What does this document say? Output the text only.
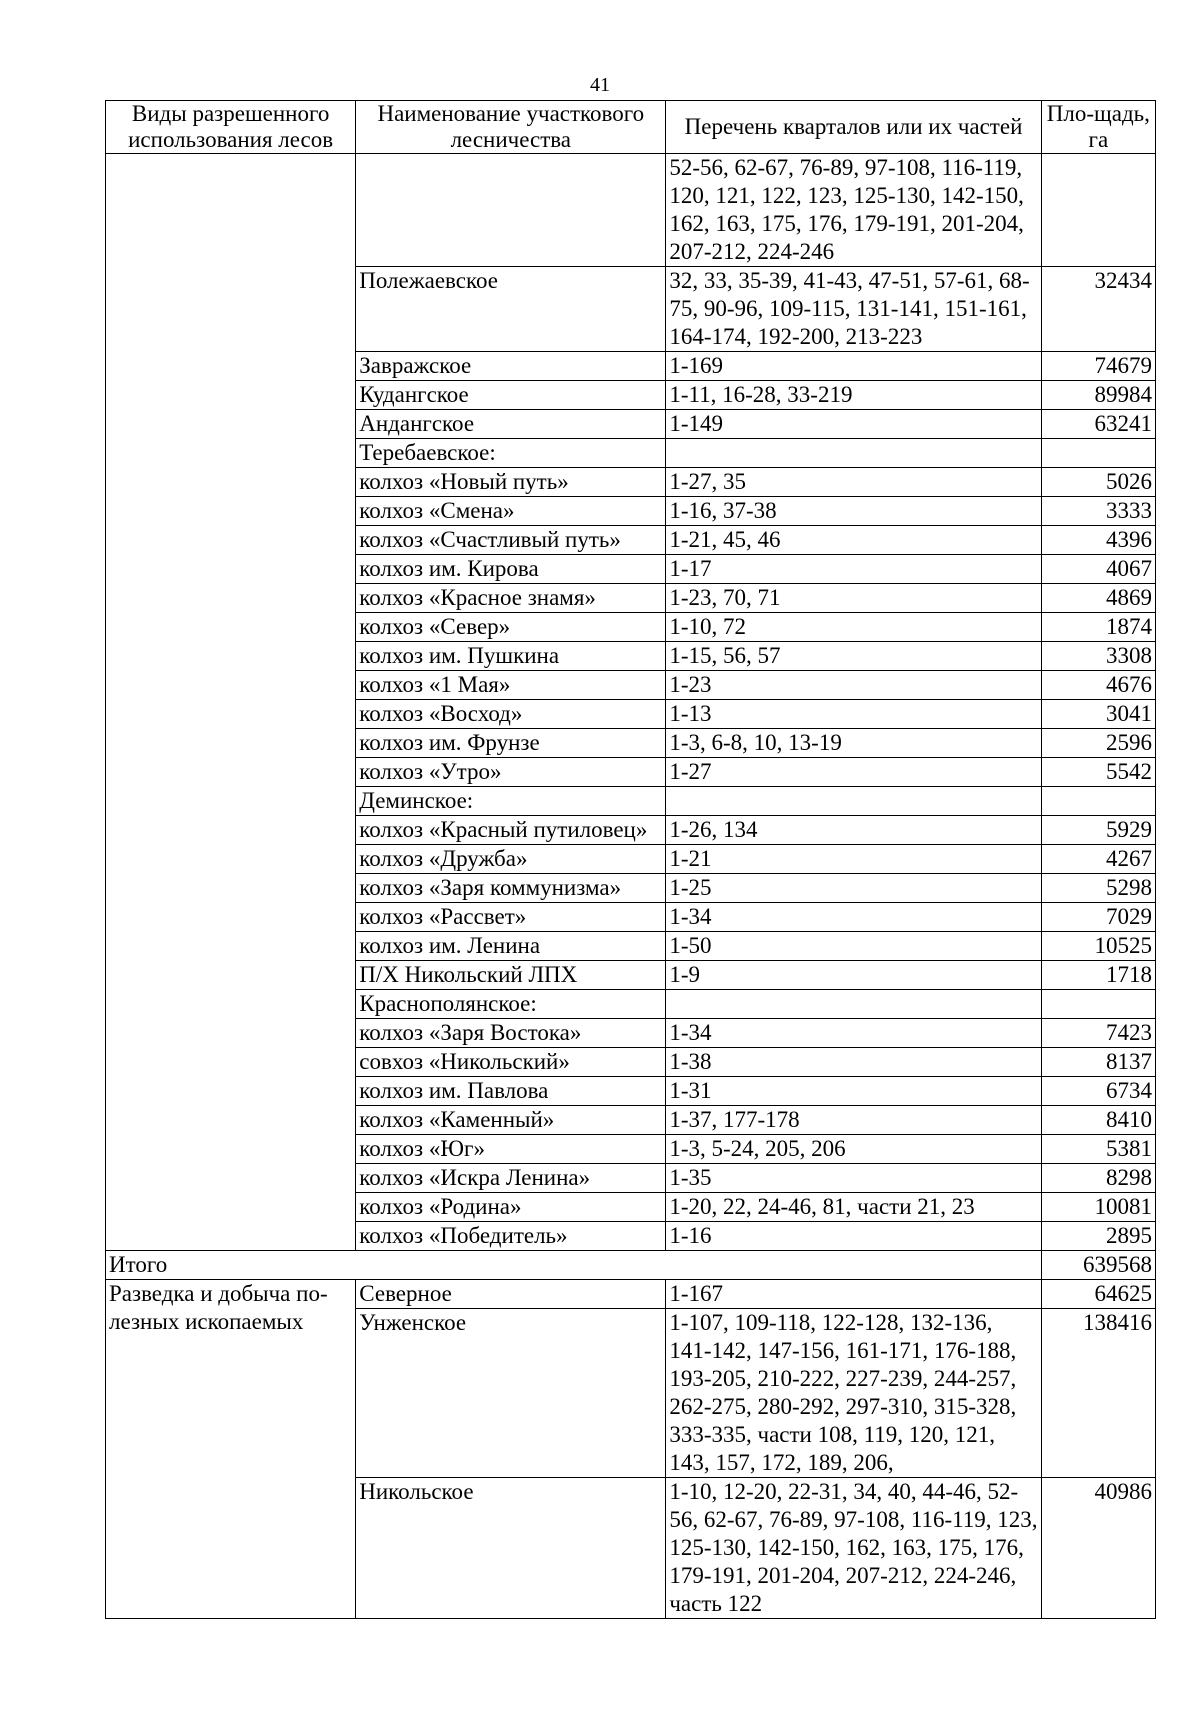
41
Виды разрешенного использования лесов	Наименование участкового лесничества	Перечень кварталов или их частей	Пло-щадь, га
		52-56, 62-67, 76-89, 97-108, 116-119, 120, 121, 122, 123, 125-130, 142-150, 162, 163, 175, 176, 179-191, 201-204, 207-212, 224-246	
	Полежаевское	32, 33, 35-39, 41-43, 47-51, 57-61, 68-75, 90-96, 109-115, 131-141, 151-161, 164-174, 192-200, 213-223	32434
	Завражское	1-169	74679
	Кудангское	1-11, 16-28, 33-219	89984
	Андангское	1-149	63241
	Теребаевское:		
	колхоз «Новый путь»	1-27, 35	5026
	колхоз «Смена»	1-16, 37-38	3333
	колхоз «Счастливый путь»	1-21, 45, 46	4396
	колхоз им. Кирова	1-17	4067
	колхоз «Красное знамя»	1-23, 70, 71	4869
	колхоз «Север»	1-10, 72	1874
	колхоз им. Пушкина	1-15, 56, 57	3308
	колхоз «1 Мая»	1-23	4676
	колхоз «Восход»	1-13	3041
	колхоз им. Фрунзе	1-3, 6-8, 10, 13-19	2596
	колхоз «Утро»	1-27	5542
	Деминское:		
	колхоз «Красный путиловец»	1-26, 134	5929
	колхоз «Дружба»	1-21	4267
	колхоз «Заря коммунизма»	1-25	5298
	колхоз «Рассвет»	1-34	7029
	колхоз им. Ленина	1-50	10525
	П/Х Никольский ЛПХ	1-9	1718
	Краснополянское:		
	колхоз «Заря Востока»	1-34	7423
	совхоз «Никольский»	1-38	8137
	колхоз им. Павлова	1-31	6734
	колхоз «Каменный»	1-37, 177-178	8410
	колхоз «Юг»	1-3, 5-24, 205, 206	5381
	колхоз «Искра Ленина»	1-35	8298
	колхоз «Родина»	1-20, 22, 24-46, 81, части 21, 23	10081
	колхоз «Победитель»	1-16	2895
Итого			639568
Разведка и добыча по-лезных ископаемых	Северное	1-167	64625
	Унженское	1-107, 109-118, 122-128, 132-136, 141-142, 147-156, 161-171, 176-188, 193-205, 210-222, 227-239, 244-257, 262-275, 280-292, 297-310, 315-328, 333-335, части 108, 119, 120, 121, 143, 157, 172, 189, 206,	138416
	Никольское	1-10, 12-20, 22-31, 34, 40, 44-46, 52-56, 62-67, 76-89, 97-108, 116-119, 123, 125-130, 142-150, 162, 163, 175, 176, 179-191, 201-204, 207-212, 224-246, часть 122	40986
